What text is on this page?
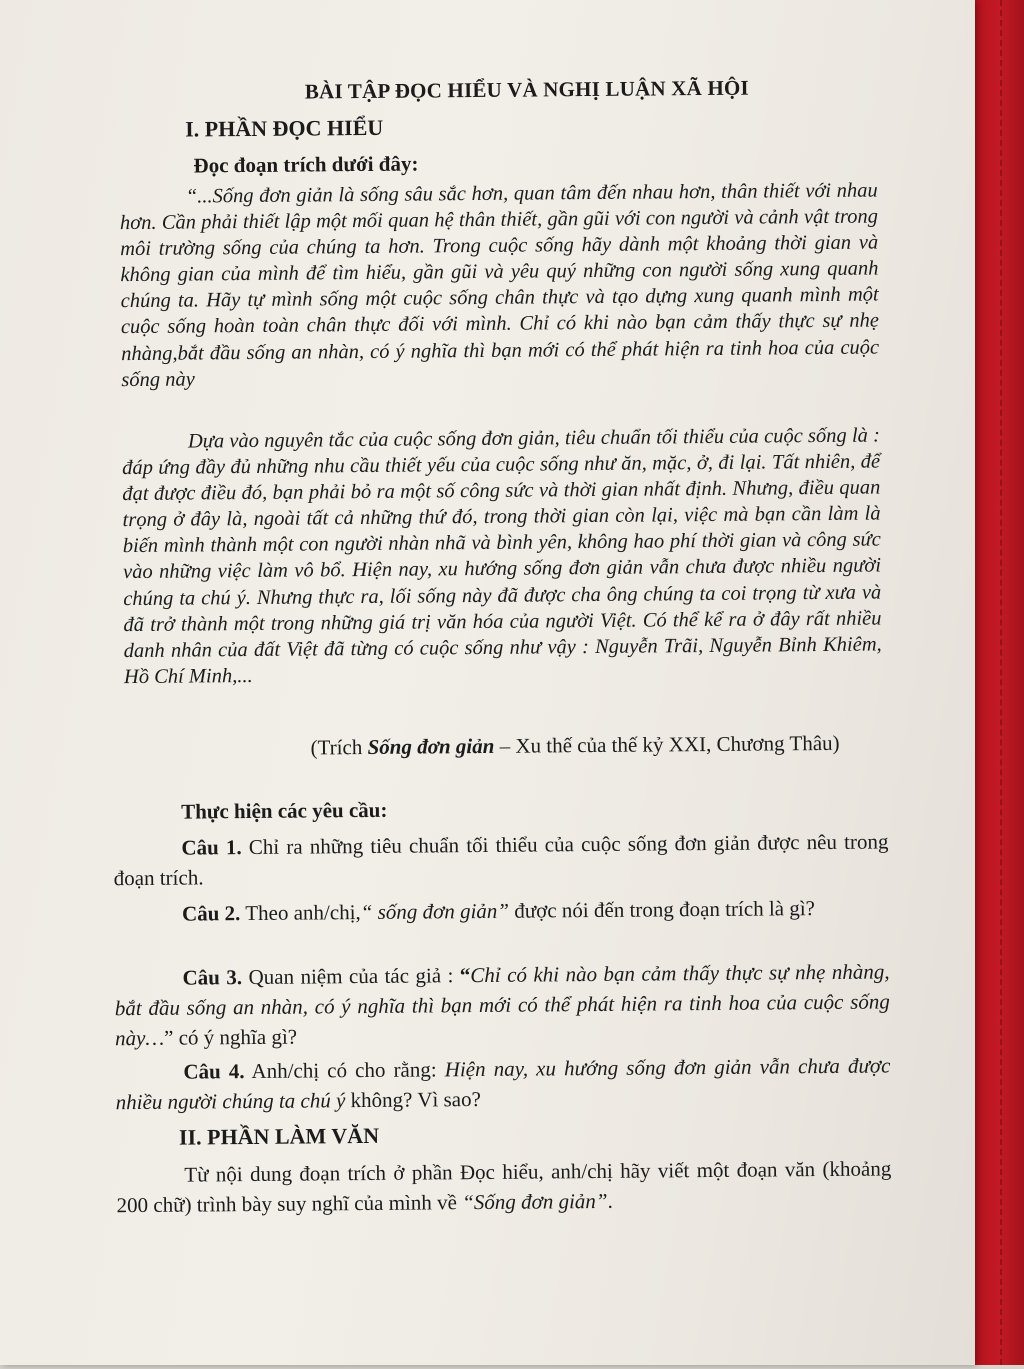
BÀI TẬP ĐỌC HIỂU VÀ NGHỊ LUẬN XÃ HỘI
I. PHẦN ĐỌC HIỂU
Đọc đoạn trích dưới đây:

“...Sống đơn giản là sống sâu sắc hơn, quan tâm đến nhau hơn, thân thiết với nhau hơn. Cần phải thiết lập một mối quan hệ thân thiết, gần gũi với con người và cảnh vật trong môi trường sống của chúng ta hơn. Trong cuộc sống hãy dành một khoảng thời gian và không gian của mình để tìm hiểu, gần gũi và yêu quý những con người sống xung quanh chúng ta. Hãy tự mình sống một cuộc sống chân thực và tạo dựng xung quanh mình một cuộc sống hoàn toàn chân thực đối với mình. Chỉ có khi nào bạn cảm thấy thực sự nhẹ nhàng,bắt đầu sống an nhàn, có ý nghĩa thì bạn mới có thể phát hiện ra tinh hoa của cuộc sống này

Dựa vào nguyên tắc của cuộc sống đơn giản, tiêu chuẩn tối thiểu của cuộc sống là : đáp ứng đầy đủ những nhu cầu thiết yếu của cuộc sống như ăn, mặc, ở, đi lại. Tất nhiên, để đạt được điều đó, bạn phải bỏ ra một số công sức và thời gian nhất định. Nhưng, điều quan trọng ở đây là, ngoài tất cả những thứ đó, trong thời gian còn lại, việc mà bạn cần làm là biến mình thành một con người nhàn nhã và bình yên, không hao phí thời gian và công sức vào những việc làm vô bổ. Hiện nay, xu hướng sống đơn giản vẫn chưa được nhiều người chúng ta chú ý. Nhưng thực ra, lối sống này đã được cha ông chúng ta coi trọng từ xưa và đã trở thành một trong những giá trị văn hóa của người Việt. Có thể kể ra ở đây rất nhiều danh nhân của đất Việt đã từng có cuộc sống như vậy : Nguyễn Trãi, Nguyễn Bỉnh Khiêm, Hồ Chí Minh,...

(Trích Sống đơn giản – Xu thế của thế kỷ XXI, Chương Thâu)
Thực hiện các yêu cầu:

Câu 1. Chỉ ra những tiêu chuẩn tối thiểu của cuộc sống đơn giản được nêu trong đoạn trích.

Câu 2. Theo anh/chị,“ sống đơn giản” được nói đến trong đoạn trích là gì?

Câu 3. Quan niệm của tác giả : “Chỉ có khi nào bạn cảm thấy thực sự nhẹ nhàng, bắt đầu sống an nhàn, có ý nghĩa thì bạn mới có thể phát hiện ra tinh hoa của cuộc sống này…” có ý nghĩa gì?

Câu 4. Anh/chị có cho rằng: Hiện nay, xu hướng sống đơn giản vẫn chưa được nhiều người chúng ta chú ý không? Vì sao?

II. PHẦN LÀM VĂN

Từ nội dung đoạn trích ở phần Đọc hiểu, anh/chị hãy viết một đoạn văn (khoảng 200 chữ) trình bày suy nghĩ của mình về “Sống đơn giản”.
